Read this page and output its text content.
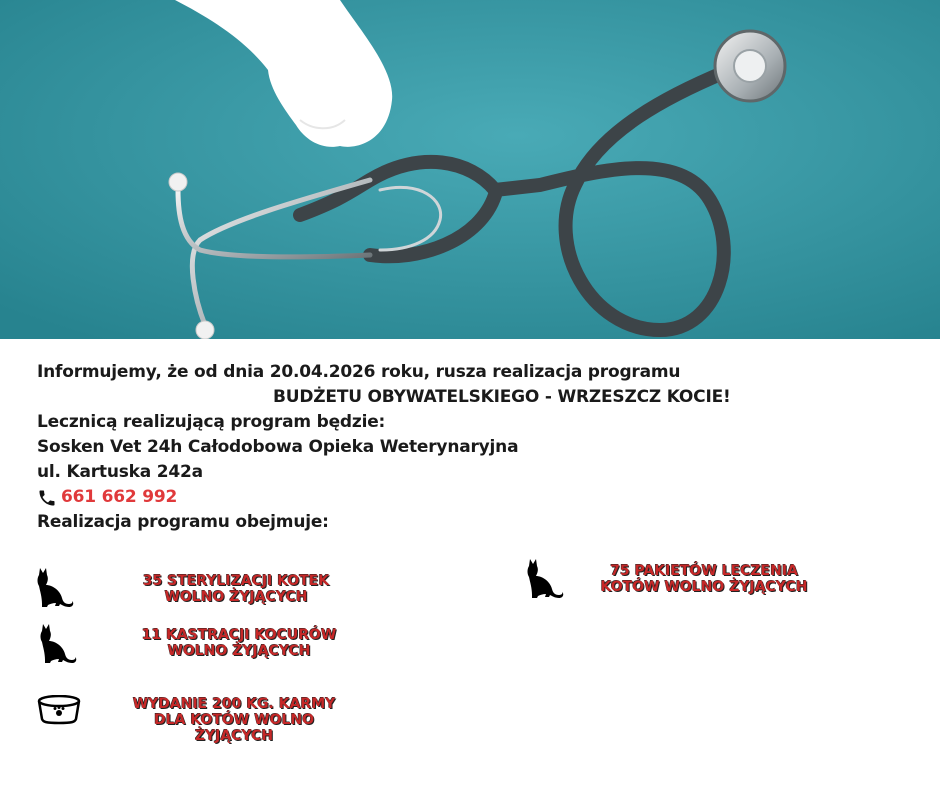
Informujemy, że od dnia 20.04.2026 roku, rusza realizacja programu
BUDŻETU OBYWATELSKIEGO - WRZESZCZ KOCIE!
Lecznicą realizującą program będzie:
Sosken Vet 24h Całodobowa Opieka Weterynaryjna
ul. Kartuska 242a
661 662 992
Realizacja programu obejmuje:
35 STERYLIZACJI KOTEK
WOLNO ŻYJĄCYCH
11 KASTRACJI KOCURÓW
WOLNO ŻYJĄCYCH
WYDANIE 200 KG. KARMY
DLA KOTÓW WOLNO
ŻYJĄCYCH
75 PAKIETÓW LECZENIA
KOTÓW WOLNO ŻYJĄCYCH
